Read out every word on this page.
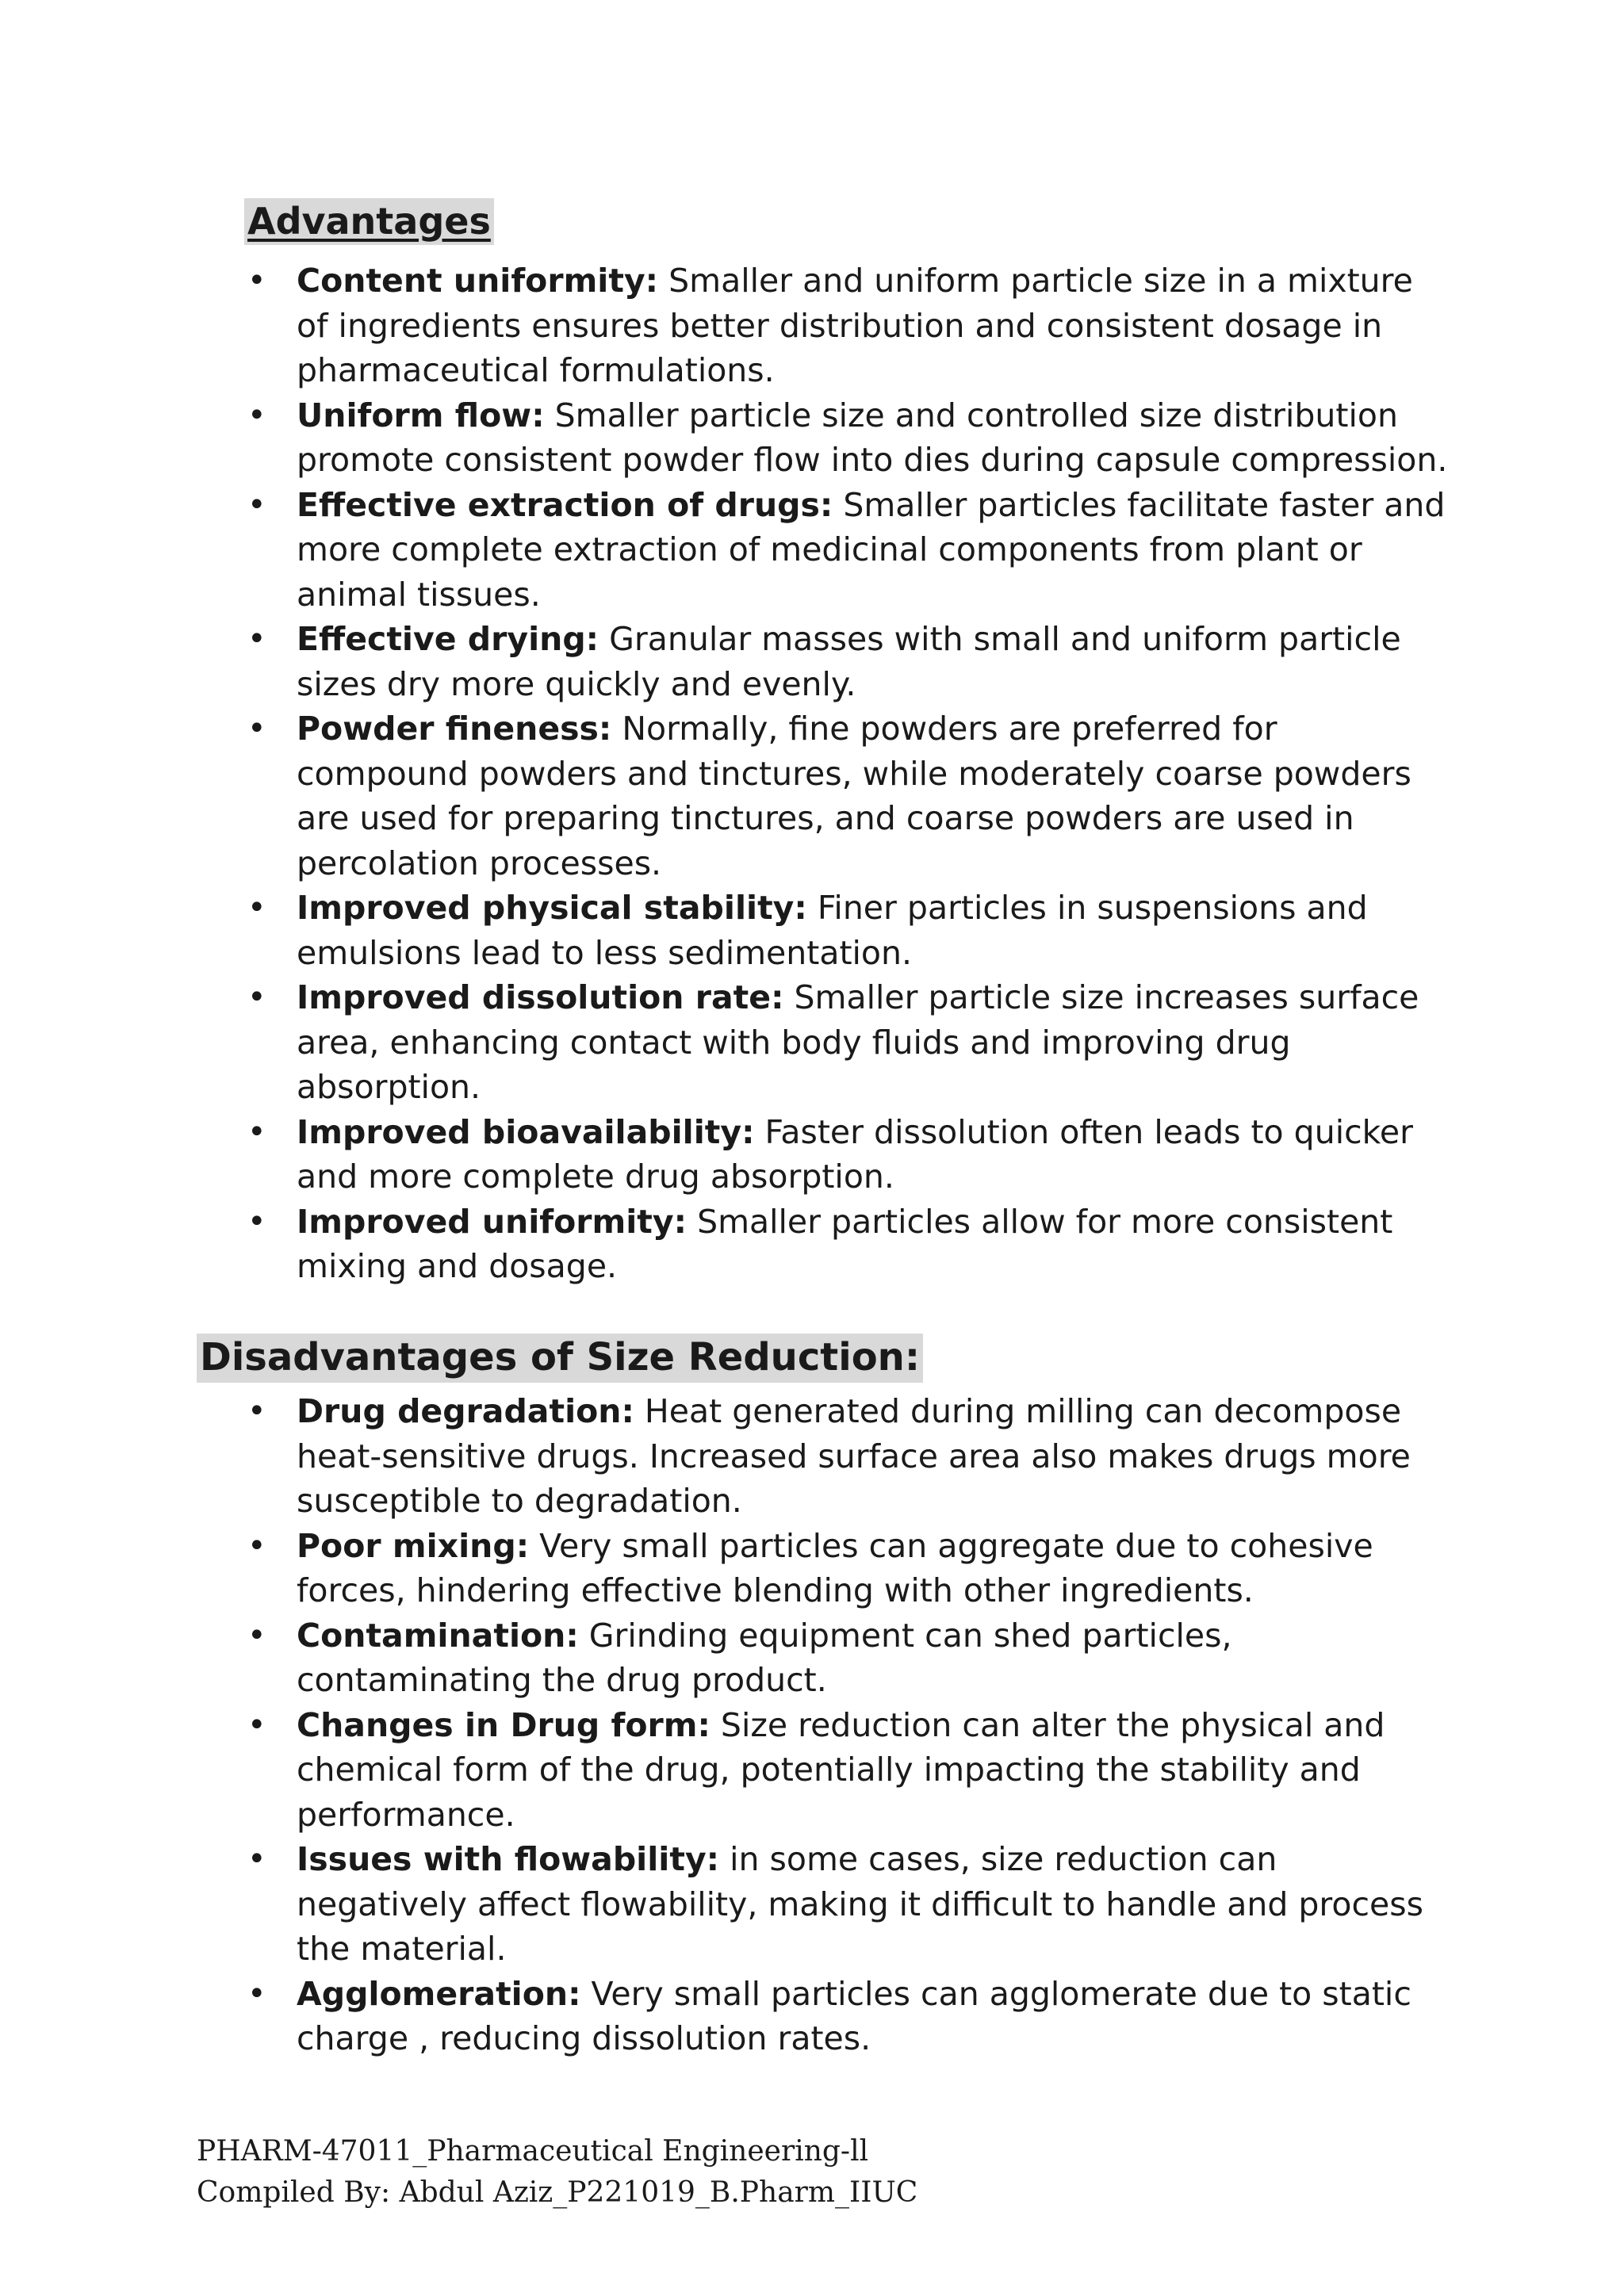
Advantages
• Content uniformity: Smaller and uniform particle size in a mixture of ingredients ensures better distribution and consistent dosage in pharmaceutical formulations.
• Uniform flow: Smaller particle size and controlled size distribution promote consistent powder flow into dies during capsule compression.
• Effective extraction of drugs: Smaller particles facilitate faster and more complete extraction of medicinal components from plant or animal tissues.
• Effective drying: Granular masses with small and uniform particle sizes dry more quickly and evenly.
• Powder fineness: Normally, fine powders are preferred for compound powders and tinctures, while moderately coarse powders are used for preparing tinctures, and coarse powders are used in percolation processes.
• Improved physical stability: Finer particles in suspensions and emulsions lead to less sedimentation.
• Improved dissolution rate: Smaller particle size increases surface area, enhancing contact with body fluids and improving drug absorption.
• Improved bioavailability: Faster dissolution often leads to quicker and more complete drug absorption.
• Improved uniformity: Smaller particles allow for more consistent mixing and dosage.
Disadvantages of Size Reduction:
• Drug degradation: Heat generated during milling can decompose heat-sensitive drugs. Increased surface area also makes drugs more susceptible to degradation.
• Poor mixing: Very small particles can aggregate due to cohesive forces, hindering effective blending with other ingredients.
• Contamination: Grinding equipment can shed particles, contaminating the drug product.
• Changes in Drug form: Size reduction can alter the physical and chemical form of the drug, potentially impacting the stability and performance.
• Issues with flowability: in some cases, size reduction can negatively affect flowability, making it difficult to handle and process the material.
• Agglomeration: Very small particles can agglomerate due to static charge , reducing dissolution rates.
PHARM-47011_Pharmaceutical Engineering-ll
Compiled By: Abdul Aziz_P221019_B.Pharm_IIUC
